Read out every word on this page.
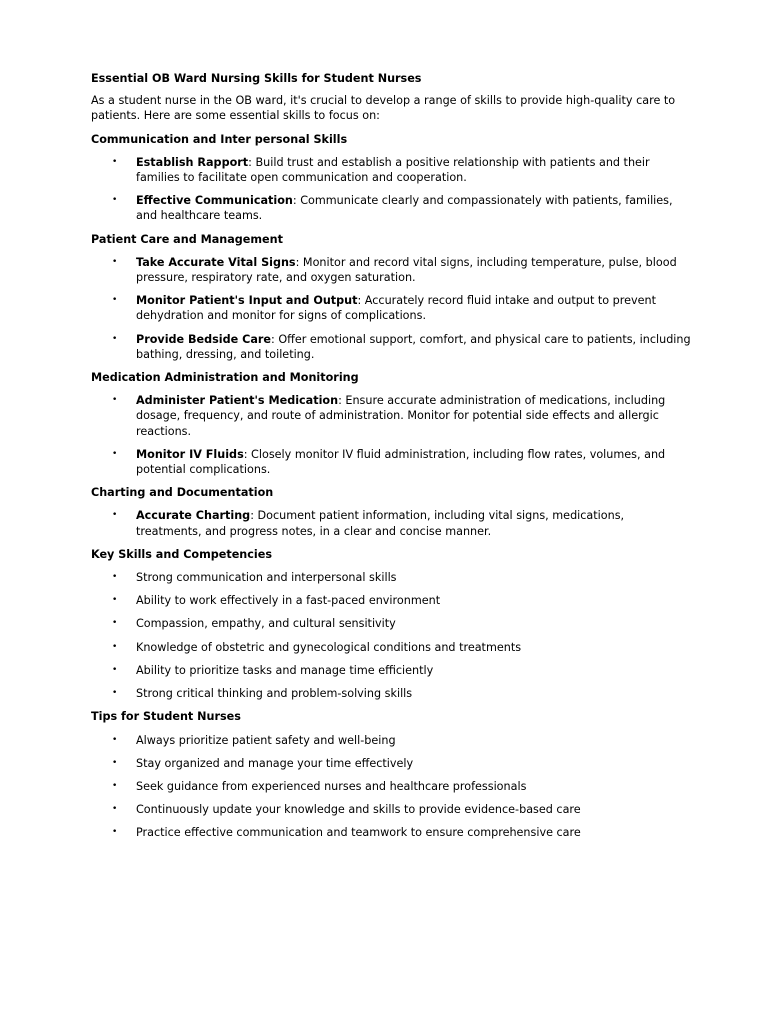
Essential OB Ward Nursing Skills for Student Nurses

As a student nurse in the OB ward, it's crucial to develop a range of skills to provide high-quality care to patients. Here are some essential skills to focus on:

Communication and Inter personal Skills

• Establish Rapport: Build trust and establish a positive relationship with patients and their families to facilitate open communication and cooperation.
• Effective Communication: Communicate clearly and compassionately with patients, families, and healthcare teams.

Patient Care and Management

• Take Accurate Vital Signs: Monitor and record vital signs, including temperature, pulse, blood pressure, respiratory rate, and oxygen saturation.
• Monitor Patient's Input and Output: Accurately record fluid intake and output to prevent dehydration and monitor for signs of complications.
• Provide Bedside Care: Offer emotional support, comfort, and physical care to patients, including bathing, dressing, and toileting.

Medication Administration and Monitoring

• Administer Patient's Medication: Ensure accurate administration of medications, including dosage, frequency, and route of administration. Monitor for potential side effects and allergic reactions.
• Monitor IV Fluids: Closely monitor IV fluid administration, including flow rates, volumes, and potential complications.

Charting and Documentation

• Accurate Charting: Document patient information, including vital signs, medications, treatments, and progress notes, in a clear and concise manner.

Key Skills and Competencies

• Strong communication and interpersonal skills
• Ability to work effectively in a fast-paced environment
• Compassion, empathy, and cultural sensitivity
• Knowledge of obstetric and gynecological conditions and treatments
• Ability to prioritize tasks and manage time efficiently
• Strong critical thinking and problem-solving skills

Tips for Student Nurses

• Always prioritize patient safety and well-being
• Stay organized and manage your time effectively
• Seek guidance from experienced nurses and healthcare professionals
• Continuously update your knowledge and skills to provide evidence-based care
• Practice effective communication and teamwork to ensure comprehensive care
